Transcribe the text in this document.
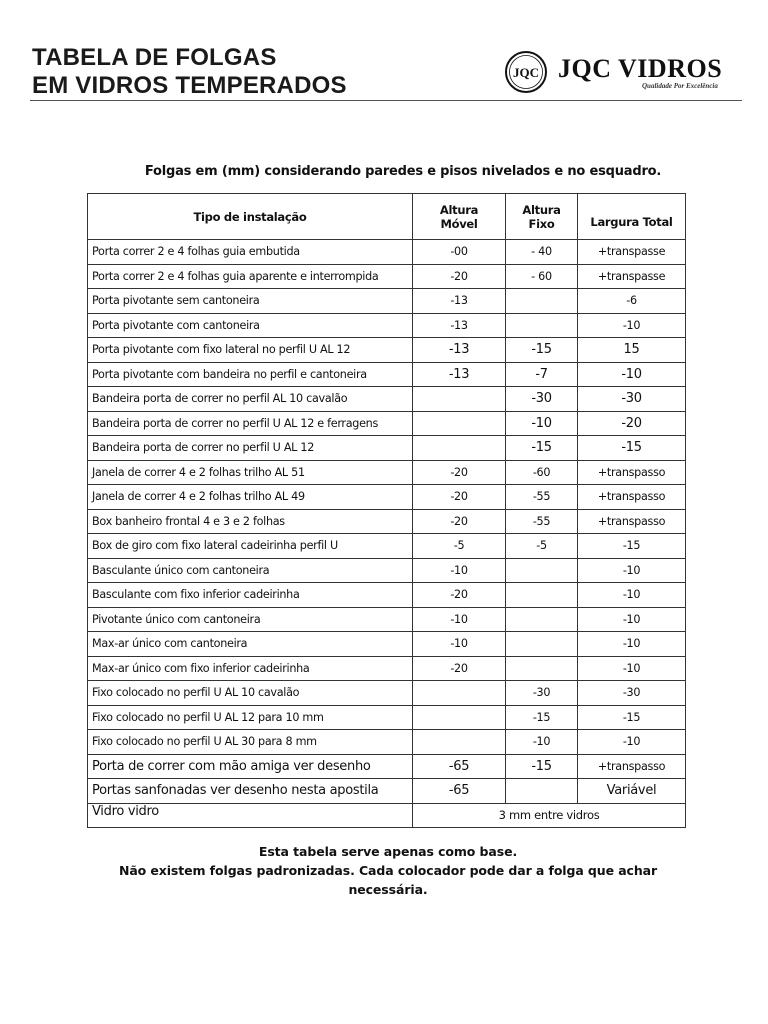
TABELA DE FOLGAS
EM VIDROS TEMPERADOS	JQC JQC VIDROS
Qualidade Por Excelência
Folgas em (mm) considerando paredes e pisos nivelados e no esquadro.
Tipo de instalação	Altura Móvel	Altura Fixo	Largura Total
Porta correr 2 e 4 folhas guia embutida	-00	- 40	+transpasse
Porta correr 2 e 4 folhas guia aparente e interrompida	-20	- 60	+transpasse
Porta pivotante sem cantoneira	-13		-6
Porta pivotante com cantoneira	-13		-10
Porta pivotante com fixo lateral no perfil U AL 12	-13	-15	15
Porta pivotante com bandeira no perfil e cantoneira	-13	-7	-10
Bandeira porta de correr no perfil AL 10 cavalão		-30	-30
Bandeira porta de correr no perfil U AL 12 e ferragens		-10	-20
Bandeira porta de correr no perfil U AL 12		-15	-15
Janela de correr 4 e 2 folhas trilho AL 51	-20	-60	+transpasso
Janela de correr 4 e 2 folhas trilho AL 49	-20	-55	+transpasso
Box banheiro frontal 4 e 3 e 2 folhas	-20	-55	+transpasso
Box de giro com fixo lateral cadeirinha perfil U	-5	-5	-15
Basculante único com cantoneira	-10		-10
Basculante com fixo inferior cadeirinha	-20		-10
Pivotante único com cantoneira	-10		-10
Max-ar único com cantoneira	-10		-10
Max-ar único com fixo inferior cadeirinha	-20		-10
Fixo colocado no perfil U AL 10 cavalão		-30	-30
Fixo colocado no perfil U AL 12 para 10 mm		-15	-15
Fixo colocado no perfil U AL 30 para 8 mm		-10	-10
Porta de correr com mão amiga ver desenho	-65	-15	+transpasso
Portas sanfonadas ver desenho nesta apostila	-65		Variável
Vidro vidro	3 mm entre vidros		
Esta tabela serve apenas como base.
Não existem folgas padronizadas. Cada colocador pode dar a folga que achar necessária.
